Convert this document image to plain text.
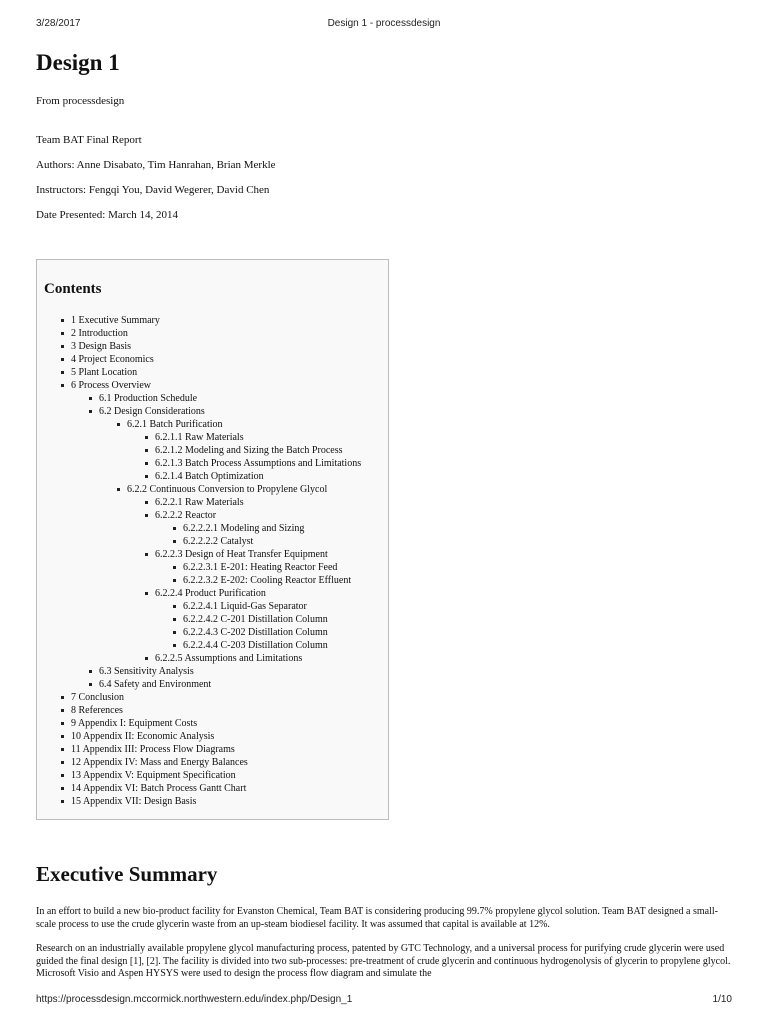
3/28/2017	Design 1 - processdesign
Design 1
From processdesign
Team BAT Final Report
Authors: Anne Disabato, Tim Hanrahan, Brian Merkle
Instructors: Fengqi You, David Wegerer, David Chen
Date Presented: March 14, 2014
Contents
1 Executive Summary
2 Introduction
3 Design Basis
4 Project Economics
5 Plant Location
6 Process Overview
6.1 Production Schedule
6.2 Design Considerations
6.2.1 Batch Purification
6.2.1.1 Raw Materials
6.2.1.2 Modeling and Sizing the Batch Process
6.2.1.3 Batch Process Assumptions and Limitations
6.2.1.4 Batch Optimization
6.2.2 Continuous Conversion to Propylene Glycol
6.2.2.1 Raw Materials
6.2.2.2 Reactor
6.2.2.2.1 Modeling and Sizing
6.2.2.2.2 Catalyst
6.2.2.3 Design of Heat Transfer Equipment
6.2.2.3.1 E-201: Heating Reactor Feed
6.2.2.3.2 E-202: Cooling Reactor Effluent
6.2.2.4 Product Purification
6.2.2.4.1 Liquid-Gas Separator
6.2.2.4.2 C-201 Distillation Column
6.2.2.4.3 C-202 Distillation Column
6.2.2.4.4 C-203 Distillation Column
6.2.2.5 Assumptions and Limitations
6.3 Sensitivity Analysis
6.4 Safety and Environment
7 Conclusion
8 References
9 Appendix I: Equipment Costs
10 Appendix II: Economic Analysis
11 Appendix III: Process Flow Diagrams
12 Appendix IV: Mass and Energy Balances
13 Appendix V: Equipment Specification
14 Appendix VI: Batch Process Gantt Chart
15 Appendix VII: Design Basis
Executive Summary

In an effort to build a new bio-product facility for Evanston Chemical, Team BAT is considering producing 99.7% propylene glycol solution. Team BAT designed a small-scale process to use the crude glycerin waste from an up-steam biodiesel facility. It was assumed that capital is available at 12%.

Research on an industrially available propylene glycol manufacturing process, patented by GTC Technology, and a universal process for purifying crude glycerin were used guided the final design [1], [2]. The facility is divided into two sub-processes: pre-treatment of crude glycerin and continuous hydrogenolysis of glycerin to propylene glycol. Microsoft Visio and Aspen HYSYS were used to design the process flow diagram and simulate the

https://processdesign.mccormick.northwestern.edu/index.php/Design_1	1/10
